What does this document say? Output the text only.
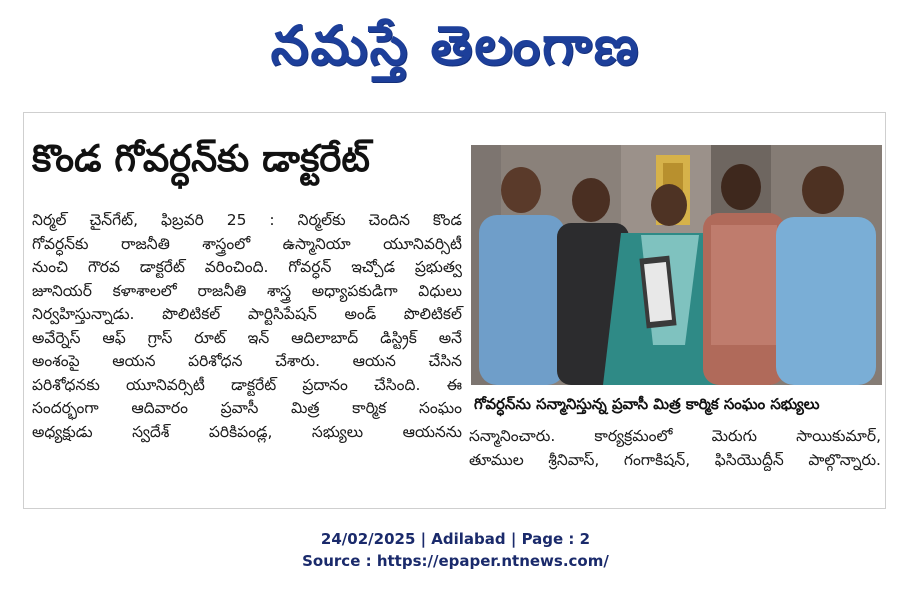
నమస్తే తెలంగాణ
కొండ గోవర్ధన్‌కు డాక్టరేట్
నిర్మల్ చైన్‌గేట్, ఫిబ్రవరి 25 : నిర్మల్‌కు చెందిన కొండ
గోవర్ధన్‌కు రాజనీతి శాస్త్రంలో ఉస్మానియా యూనివర్సిటీ
నుంచి గౌరవ డాక్టరేట్ వరించింది. గోవర్ధన్ ఇచ్చోడ ప్రభుత్వ
జూనియర్ కళాశాలలో రాజనీతి శాస్త్ర అధ్యాపకుడిగా విధులు
నిర్వహిస్తున్నాడు. పొలిటికల్ పార్టిసిపేషన్ అండ్ పొలిటికల్
అవేర్నెస్ ఆఫ్ గ్రాస్ రూట్ ఇన్ ఆదిలాబాద్ డిస్ట్రిక్ అనే
అంశంపై ఆయన పరిశోధన చేశారు. ఆయన చేసిన
పరిశోధనకు యూనివర్సిటీ డాక్టరేట్ ప్రదానం చేసింది. ఈ
సందర్భంగా ఆదివారం ప్రవాసీ మిత్ర కార్మిక సంఘం
అధ్యక్షుడు స్వదేశ్ పరికిపండ్ల, సభ్యులు ఆయనను
గోవర్ధన్‌ను సన్మానిస్తున్న ప్రవాసీ మిత్ర కార్మిక సంఘం సభ్యులు
సన్మానించారు. కార్యక్రమంలో మెరుగు సాయికుమార్,
తూముల శ్రీనివాస్, గంగాకిషన్, ఫిసియొద్దీన్ పాల్గొన్నారు.
24/02/2025 | Adilabad | Page : 2
Source : https://epaper.ntnews.com/
